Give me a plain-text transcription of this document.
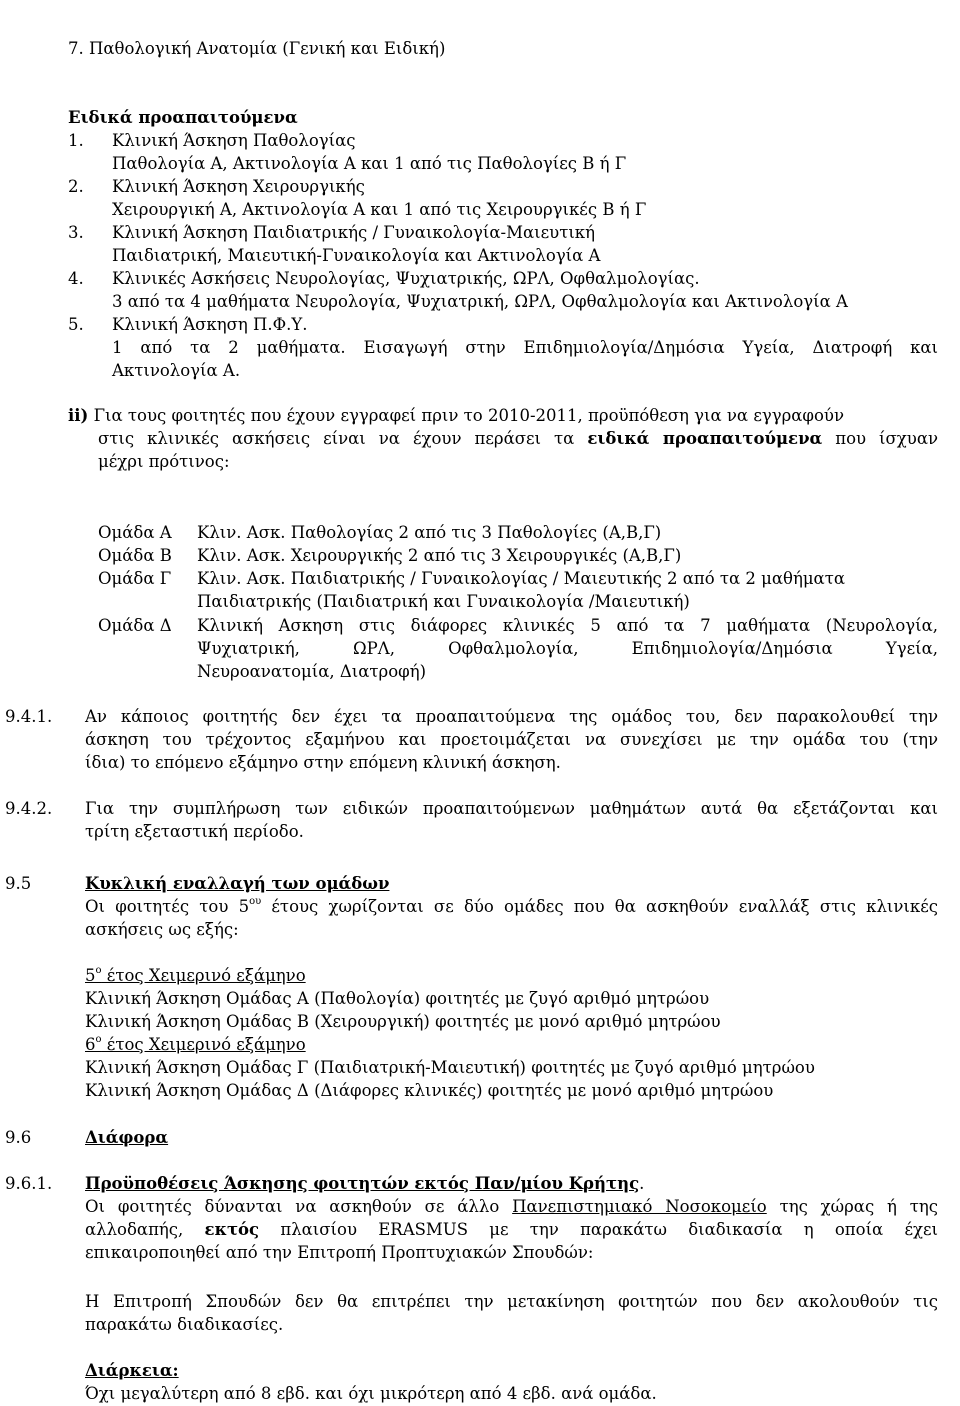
7. Παθολογική Ανατομία (Γενική και Ειδική)
Ειδικά προαπαιτούμενα
1. Κλινική Άσκηση Παθολογίας
Παθολογία Α, Ακτινολογία Α και 1 από τις Παθολογίες Β ή Γ
2. Κλινική Άσκηση Χειρουργικής
Χειρουργική Α, Ακτινολογία Α και 1 από τις Χειρουργικές Β ή Γ
3. Κλινική Άσκηση Παιδιατρικής / Γυναικολογία-Μαιευτική
Παιδιατρική, Μαιευτική-Γυναικολογία και Ακτινολογία Α
4. Κλινικές Ασκήσεις Νευρολογίας, Ψυχιατρικής, ΩΡΛ, Οφθαλμολογίας.
3 από τα 4 μαθήματα Νευρολογία, Ψυχιατρική, ΩΡΛ, Οφθαλμολογία και Ακτινολογία Α
5. Κλινική Άσκηση Π.Φ.Υ.
1 από τα 2 μαθήματα. Εισαγωγή στην Επιδημιολογία/Δημόσια Υγεία, Διατροφή και
Ακτινολογία Α.
ii) Για τους φοιτητές που έχουν εγγραφεί πριν το 2010-2011, προϋπόθεση για να εγγραφούν
στις κλινικές ασκήσεις είναι να έχουν περάσει τα ειδικά προαπαιτούμενα που ίσχυαν
μέχρι πρότινος:
Ομάδα Α Κλιν. Ασκ. Παθολογίας 2 από τις 3 Παθολογίες (Α,Β,Γ)
Ομάδα Β Κλιν. Ασκ. Χειρουργικής 2 από τις 3 Χειρουργικές (Α,Β,Γ)
Ομάδα Γ Κλιν. Ασκ. Παιδιατρικής / Γυναικολογίας / Μαιευτικής 2 από τα 2 μαθήματα
Παιδιατρικής (Παιδιατρική και Γυναικολογία /Μαιευτική)
Ομάδα Δ Κλινική Ασκηση στις διάφορες κλινικές 5 από τα 7 μαθήματα (Νευρολογία,
Ψυχιατρική, ΩΡΛ, Οφθαλμολογία, Επιδημιολογία/Δημόσια Υγεία,
Νευροανατομία, Διατροφή)
9.4.1. Αν κάποιος φοιτητής δεν έχει τα προαπαιτούμενα της ομάδος του, δεν παρακολουθεί την
άσκηση του τρέχοντος εξαμήνου και προετοιμάζεται να συνεχίσει με την ομάδα του (την
ίδια) το επόμενο εξάμηνο στην επόμενη κλινική άσκηση.
9.4.2. Για την συμπλήρωση των ειδικών προαπαιτούμενων μαθημάτων αυτά θα εξετάζονται και
τρίτη εξεταστική περίοδο.
9.5	Κυκλική εναλλαγή των ομάδων
Οι φοιτητές του $5^{o\upsilon}$ έτους χωρίζονται σε δύο ομάδες που θα ασκηθούν εναλλάξ στις κλινικές
ασκήσεις ως εξής:
$5^o$ έτος Χειμερινό εξάμηνο
Κλινική Άσκηση Ομάδας Α (Παθολογία) φοιτητές με ζυγό αριθμό μητρώου
Κλινική Άσκηση Ομάδας Β (Χειρουργική) φοιτητές με μονό αριθμό μητρώου
$6^o$ έτος Χειμερινό εξάμηνο
Κλινική Άσκηση Ομάδας Γ (Παιδιατρική-Μαιευτική) φοιτητές με ζυγό αριθμό μητρώου
Κλινική Άσκηση Ομάδας Δ (Διάφορες κλινικές) φοιτητές με μονό αριθμό μητρώου
9.6	Διάφορα
9.6.1. Προϋποθέσεις Άσκησης φοιτητών εκτός Παν/μίου Κρήτης.
Οι φοιτητές δύνανται να ασκηθούν σε άλλο Πανεπιστημιακό Νοσοκομείο της χώρας ή της
αλλοδαπής, εκτός πλαισίου ERASMUS με την παρακάτω διαδικασία η οποία έχει
επικαιροποιηθεί από την Επιτροπή Προπτυχιακών Σπουδών:
Η Επιτροπή Σπουδών δεν θα επιτρέπει την μετακίνηση φοιτητών που δεν ακολουθούν τις
παρακάτω διαδικασίες.
Διάρκεια:
Όχι μεγαλύτερη από 8 εβδ. και όχι μικρότερη από 4 εβδ. ανά ομάδα.
